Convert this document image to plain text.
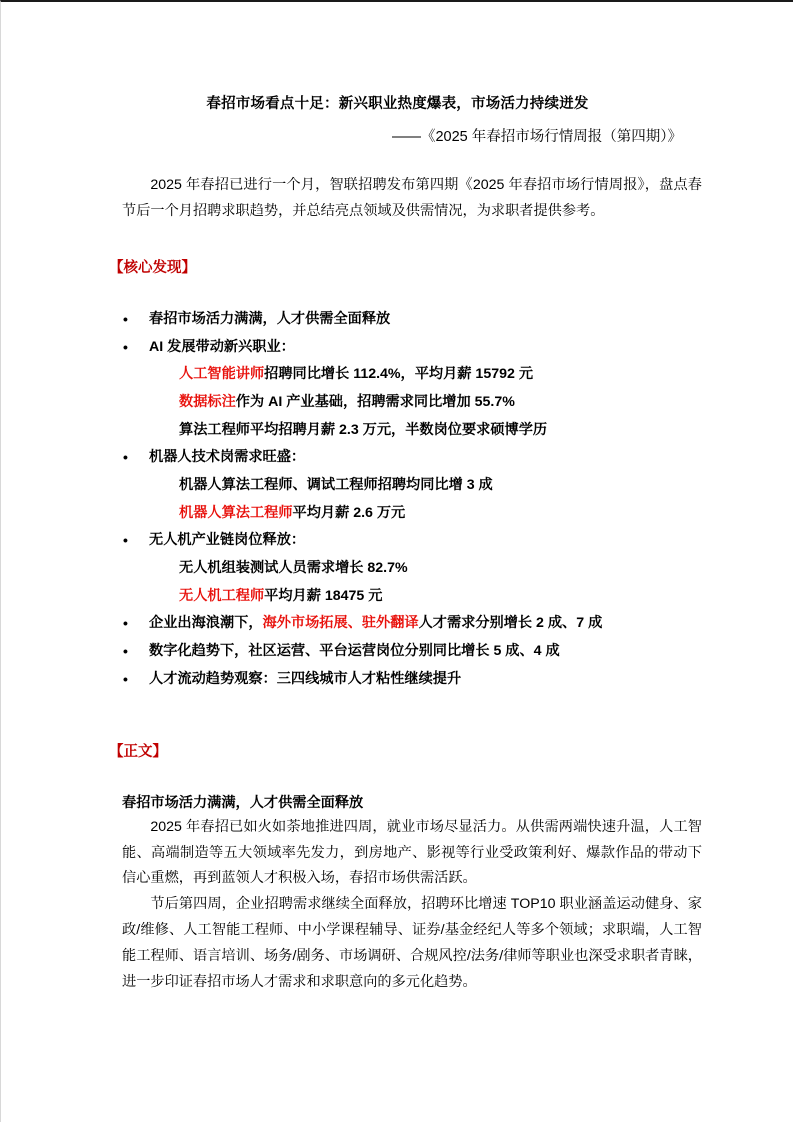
春招市场看点十足：新兴职业热度爆表，市场活力持续迸发
——《2025 年春招市场行情周报（第四期）》

2025 年春招已进行一个月，智联招聘发布第四期《2025 年春招市场行情周报》，盘点春节后一个月招聘求职趋势，并总结亮点领域及供需情况，为求职者提供参考。

【核心发现】
• 春招市场活力满满，人才供需全面释放
• AI 发展带动新兴职业：
人工智能讲师招聘同比增长 112.4%，平均月薪 15792 元
数据标注作为 AI 产业基础，招聘需求同比增加 55.7%
算法工程师平均招聘月薪 2.3 万元，半数岗位要求硕博学历
• 机器人技术岗需求旺盛：
机器人算法工程师、调试工程师招聘均同比增 3 成
机器人算法工程师平均月薪 2.6 万元
• 无人机产业链岗位释放：
无人机组装测试人员需求增长 82.7%
无人机工程师平均月薪 18475 元
• 企业出海浪潮下，海外市场拓展、驻外翻译人才需求分别增长 2 成、7 成
• 数字化趋势下，社区运营、平台运营岗位分别同比增长 5 成、4 成
• 人才流动趋势观察：三四线城市人才粘性继续提升
【正文】
春招市场活力满满，人才供需全面释放

2025 年春招已如火如荼地推进四周，就业市场尽显活力。从供需两端快速升温，人工智能、高端制造等五大领域率先发力，到房地产、影视等行业受政策利好、爆款作品的带动下信心重燃，再到蓝领人才积极入场，春招市场供需活跃。

节后第四周，企业招聘需求继续全面释放，招聘环比增速 TOP10 职业涵盖运动健身、家政/维修、人工智能工程师、中小学课程辅导、证券/基金经纪人等多个领域；求职端，人工智能工程师、语言培训、场务/剧务、市场调研、合规风控/法务/律师等职业也深受求职者青睐，进一步印证春招市场人才需求和求职意向的多元化趋势。
